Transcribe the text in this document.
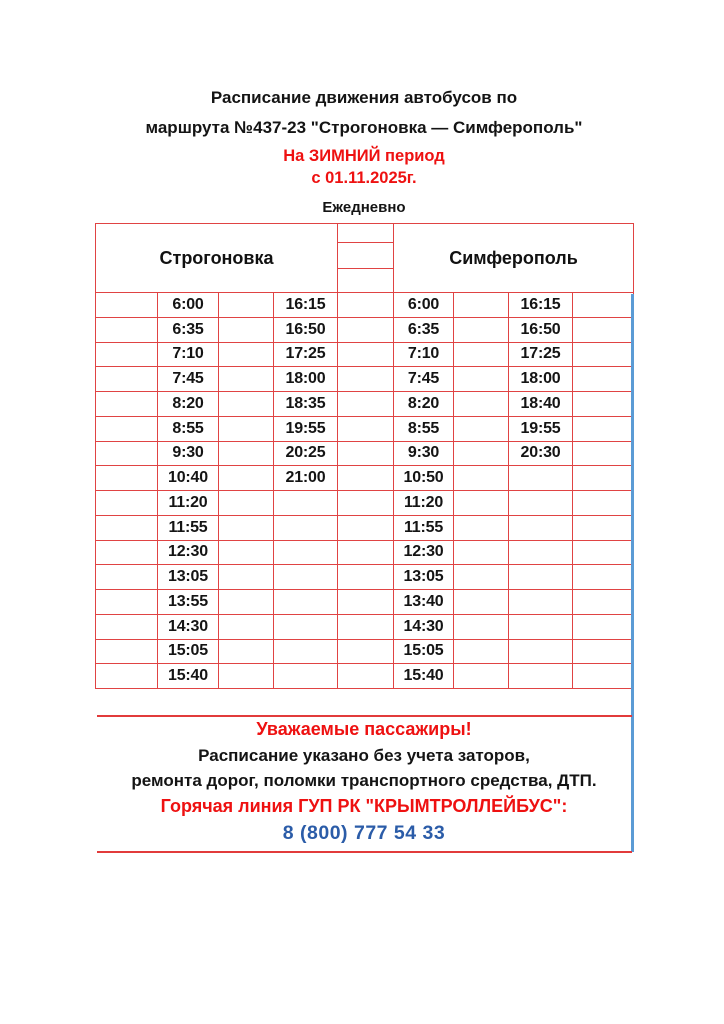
Расписание движения автобусов по
маршрута №437-23 "Строгоновка — Симферополь"
На ЗИМНИЙ период
с 01.11.2025г.
Ежедневно
Строгоновка					Симферополь			

	6:00		16:15		6:00		16:15	
	6:35		16:50		6:35		16:50	
	7:10		17:25		7:10		17:25	
	7:45		18:00		7:45		18:00	
	8:20		18:35		8:20		18:40	
	8:55		19:55		8:55		19:55	
	9:30		20:25		9:30		20:30	
	10:40		21:00		10:50			
	11:20				11:20			
	11:55				11:55			
	12:30				12:30			
	13:05				13:05			
	13:55				13:40			
	14:30				14:30			
	15:05				15:05			
	15:40				15:40			
Уважаемые пассажиры!
Расписание указано без учета заторов,
ремонта дорог, поломки транспортного средства, ДТП.
Горячая линия ГУП РК "КРЫМТРОЛЛЕЙБУС":
8 (800) 777 54 33
